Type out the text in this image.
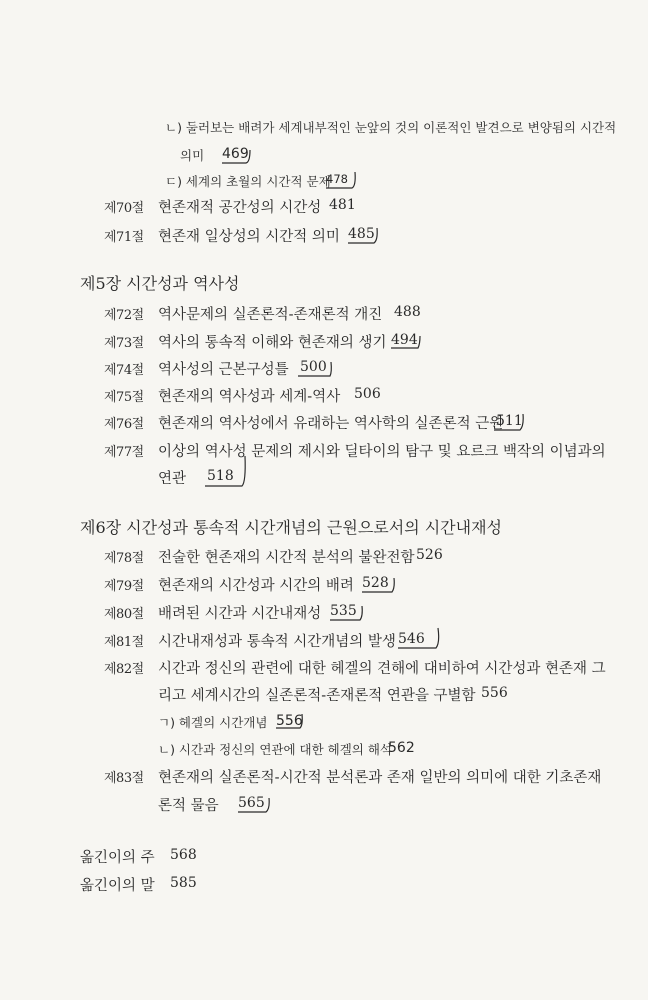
ㄴ) 둘러보는 배려가 세계내부적인 눈앞의 것의 이론적인 발견으로 변양됨의 시간적
의미 469
ㄷ) 세계의 초월의 시간적 문제
478
제70절 현존재적 공간성의 시간성 481
제71절 현존재 일상성의 시간적 의미 485
제5장 시간성과 역사성
제72절 역사문제의 실존론적-존재론적 개진 488
제73절 역사의 통속적 이해와 현존재의 생기 494
제74절 역사성의 근본구성틀 500
제75절 현존재의 역사성과 세계-역사 506
제76절 현존재의 역사성에서 유래하는 역사학의 실존론적 근원
511
제77절 이상의 역사성 문제의 제시와 딜타이의 탐구 및 요르크 백작의 이념과의
연관 518
제6장 시간성과 통속적 시간개념의 근원으로서의 시간내재성
제78절 전술한 현존재의 시간적 분석의 불완전함 526
제79절 현존재의 시간성과 시간의 배려 528
제80절 배려된 시간과 시간내재성 535
제81절 시간내재성과 통속적 시간개념의 발생 546
제82절 시간과 정신의 관련에 대한 헤겔의 견해에 대비하여 시간성과 현존재 그
리고 세계시간의 실존론적-존재론적 연관을 구별함 556
ㄱ) 헤겔의 시간개념 556
ㄴ) 시간과 정신의 연관에 대한 헤겔의 해석
562
제83절 현존재의 실존론적-시간적 분석론과 존재 일반의 의미에 대한 기초존재
론적 물음 565
옮긴이의 주 568
옮긴이의 말 585
